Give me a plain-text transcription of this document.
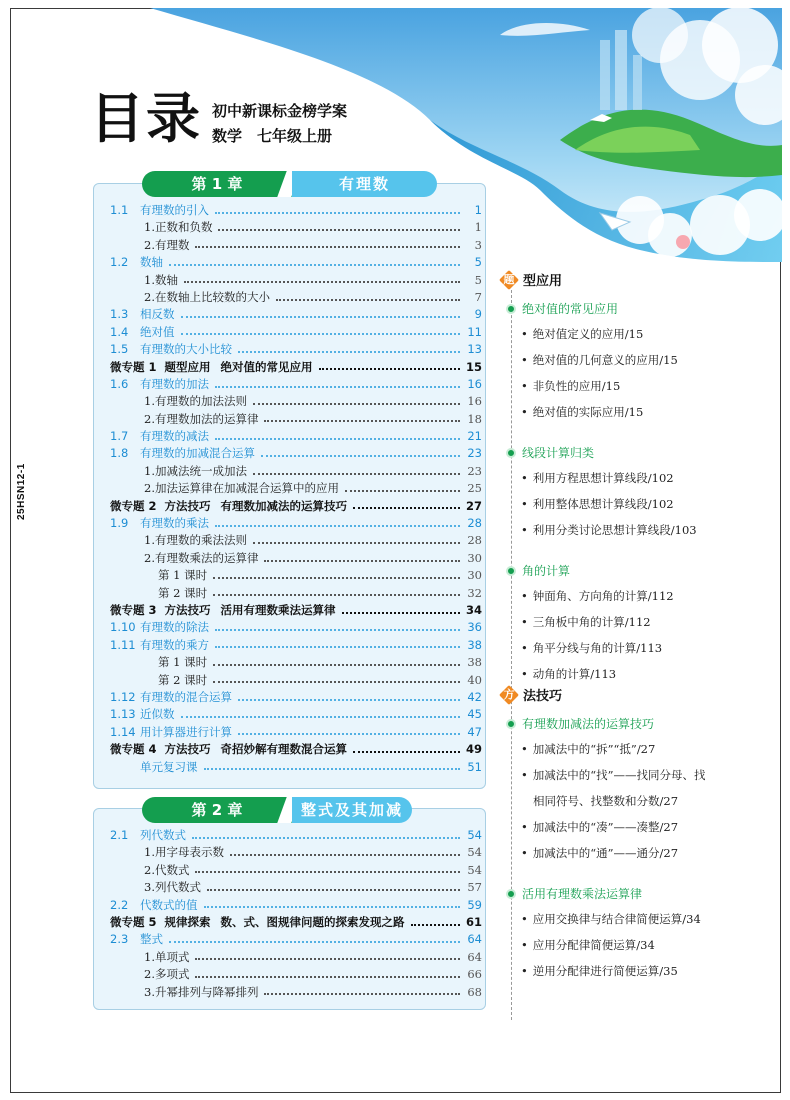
25HSN12-1
目录 初中新课标金榜学案
数学　七年级上册
第 1 章	有理数
1.1	有理数的引入	1
1.正数和负数	1
2.有理数	3
1.2	数轴	5
1.数轴	5
2.在数轴上比较数的大小	7
1.3	相反数	9
1.4	绝对值	11
1.5	有理数的大小比较	13
微专题 1 题型应用 绝对值的常见应用	15
1.6	有理数的加法	16
1.有理数的加法法则	16
2.有理数加法的运算律	18
1.7	有理数的减法	21
1.8	有理数的加减混合运算	23
1.加减法统一成加法	23
2.加法运算律在加减混合运算中的应用	25
微专题 2 方法技巧 有理数加减法的运算技巧	27
1.9	有理数的乘法	28
1.有理数的乘法法则	28
2.有理数乘法的运算律	30
第 1 课时	30
第 2 课时	32
微专题 3 方法技巧 活用有理数乘法运算律	34
1.10 有理数的除法	36
1.11 有理数的乘方	38
第 1 课时	38
第 2 课时	40
1.12 有理数的混合运算	42
1.13 近似数	45
1.14 用计算器进行计算	47
微专题 4 方法技巧 奇招妙解有理数混合运算	49
单元复习课	51
第 2 章	整式及其加减
2.1	列代数式	54
1.用字母表示数	54
2.代数式	54
3.列代数式	57
2.2	代数式的值	59
微专题 5 规律探索 数、式、图规律问题的探索发现之路	61
2.3	整式	64
1.单项式	64
2.多项式	66
3.升幂排列与降幂排列	68
题 型应用
绝对值的常见应用
• 绝对值定义的应用/15
• 绝对值的几何意义的应用/15
• 非负性的应用/15
• 绝对值的实际应用/15
线段计算归类
• 利用方程思想计算线段/102
• 利用整体思想计算线段/102
• 利用分类讨论思想计算线段/103
角的计算
• 钟面角、方向角的计算/112
• 三角板中角的计算/112
• 角平分线与角的计算/113
• 动角的计算/113
方 法技巧
有理数加减法的运算技巧
• 加减法中的“拆”“抵”/27
• 加减法中的“找”——找同分母、找
相同符号、找整数和分数/27
• 加减法中的“凑”——凑整/27
• 加减法中的“通”——通分/27
活用有理数乘法运算律
• 应用交换律与结合律简便运算/34
• 应用分配律简便运算/34
• 逆用分配律进行简便运算/35
